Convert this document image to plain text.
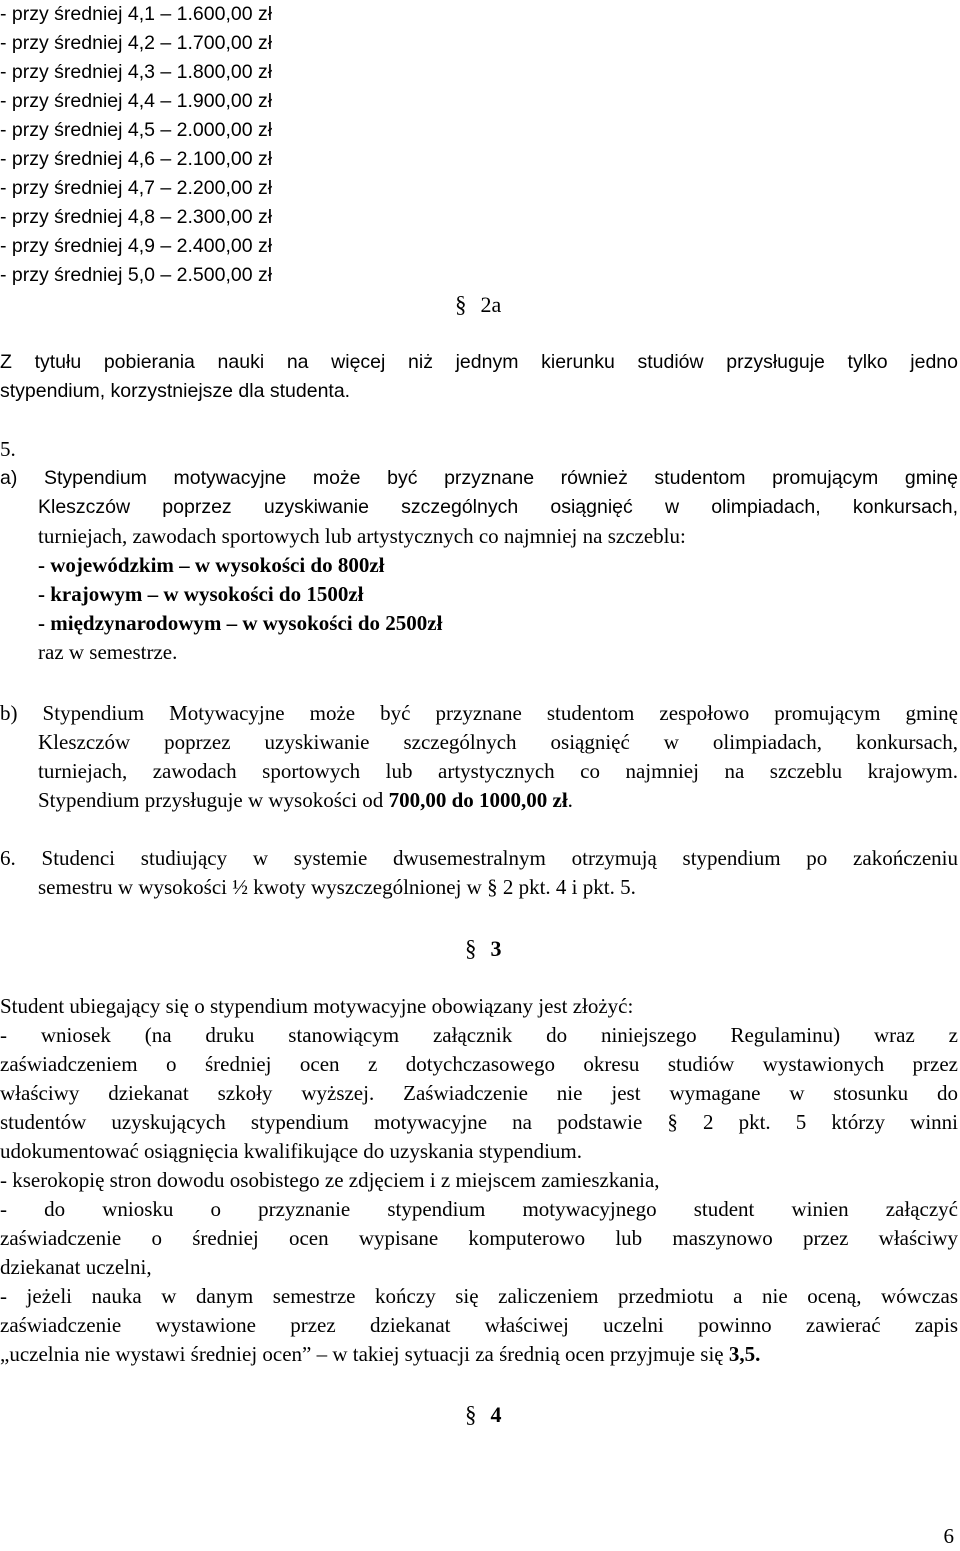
- przy średniej 4,1 – 1.600,00 zł
- przy średniej 4,2 – 1.700,00 zł
- przy średniej 4,3 – 1.800,00 zł
- przy średniej 4,4 – 1.900,00 zł
- przy średniej 4,5 – 2.000,00 zł
- przy średniej 4,6 – 2.100,00 zł
- przy średniej 4,7 – 2.200,00 zł
- przy średniej 4,8 – 2.300,00 zł
- przy średniej 4,9 – 2.400,00 zł
- przy średniej 5,0 – 2.500,00 zł
§ 2a
Z tytułu pobierania nauki na więcej niż jednym kierunku studiów przysługuje tylko jedno
stypendium, korzystniejsze dla studenta.
5.
a) Stypendium motywacyjne może być przyznane również studentom promującym gminę
Kleszczów poprzez uzyskiwanie szczególnych osiągnięć w olimpiadach, konkursach,
turniejach, zawodach sportowych lub artystycznych co najmniej na szczeblu:
- wojewódzkim – w wysokości do 800zł
- krajowym – w wysokości do 1500zł
- międzynarodowym – w wysokości do 2500zł
raz w semestrze.
b) Stypendium Motywacyjne może być przyznane studentom zespołowo promującym gminę
Kleszczów poprzez uzyskiwanie szczególnych osiągnięć w olimpiadach, konkursach,
turniejach, zawodach sportowych lub artystycznych co najmniej na szczeblu krajowym.
Stypendium przysługuje w wysokości od 700,00 do 1000,00 zł.
6. Studenci studiujący w systemie dwusemestralnym otrzymują stypendium po zakończeniu
semestru w wysokości ½ kwoty wyszczególnionej w § 2 pkt. 4 i pkt. 5.
§ 3
Student ubiegający się o stypendium motywacyjne obowiązany jest złożyć:
- wniosek (na druku stanowiącym załącznik do niniejszego Regulaminu) wraz z
zaświadczeniem o średniej ocen z dotychczasowego okresu studiów wystawionych przez
właściwy dziekanat szkoły wyższej. Zaświadczenie nie jest wymagane w stosunku do
studentów uzyskujących stypendium motywacyjne na podstawie § 2 pkt. 5 którzy winni
udokumentować osiągnięcia kwalifikujące do uzyskania stypendium.
- kserokopię stron dowodu osobistego ze zdjęciem i z miejscem zamieszkania,
- do wniosku o przyznanie stypendium motywacyjnego student winien załączyć
zaświadczenie o średniej ocen wypisane komputerowo lub maszynowo przez właściwy
dziekanat uczelni,
- jeżeli nauka w danym semestrze kończy się zaliczeniem przedmiotu a nie oceną, wówczas
zaświadczenie wystawione przez dziekanat właściwej uczelni powinno zawierać zapis
„uczelnia nie wystawi średniej ocen” – w takiej sytuacji za średnią ocen przyjmuje się 3,5.
§ 4
6
